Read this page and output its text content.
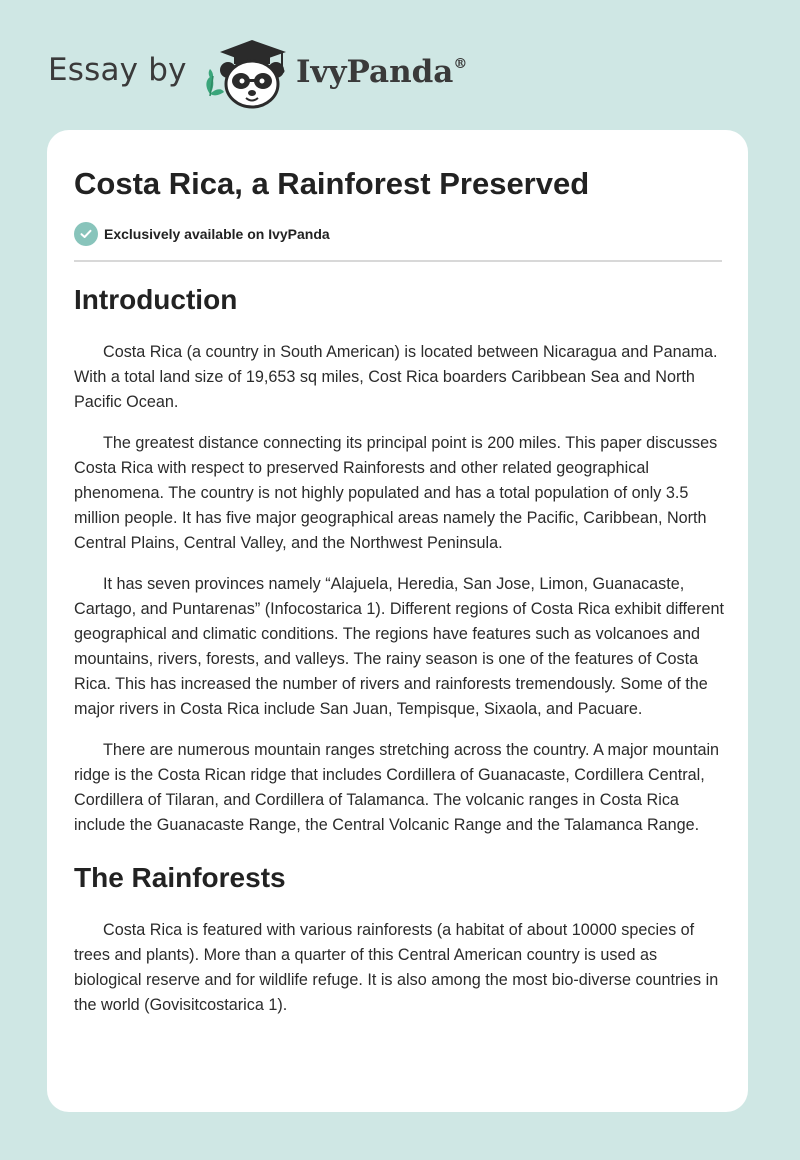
Essay by	IvyPanda®
Costa Rica, a Rainforest Preserved
Exclusively available on IvyPanda
Introduction

Costa Rica (a country in South American) is located between Nicaragua and Panama. With a total land size of 19,653 sq miles, Cost Rica boarders Caribbean Sea and North Pacific Ocean.

The greatest distance connecting its principal point is 200 miles. This paper discusses Costa Rica with respect to preserved Rainforests and other related geographical phenomena. The country is not highly populated and has a total population of only 3.5 million people. It has five major geographical areas namely the Pacific, Caribbean, North Central Plains, Central Valley, and the Northwest Peninsula.

It has seven provinces namely “Alajuela, Heredia, San Jose, Limon, Guanacaste, Cartago, and Puntarenas” (Infocostarica 1). Different regions of Costa Rica exhibit different geographical and climatic conditions. The regions have features such as volcanoes and mountains, rivers, forests, and valleys. The rainy season is one of the features of Costa Rica. This has increased the number of rivers and rainforests tremendously. Some of the major rivers in Costa Rica include San Juan, Tempisque, Sixaola, and Pacuare.

There are numerous mountain ranges stretching across the country. A major mountain ridge is the Costa Rican ridge that includes Cordillera of Guanacaste, Cordillera Central, Cordillera of Tilaran, and Cordillera of Talamanca. The volcanic ranges in Costa Rica include the Guanacaste Range, the Central Volcanic Range and the Talamanca Range.

The Rainforests

Costa Rica is featured with various rainforests (a habitat of about 10000 species of trees and plants). More than a quarter of this Central American country is used as biological reserve and for wildlife refuge. It is also among the most bio-diverse countries in the world (Govisitcostarica 1).
